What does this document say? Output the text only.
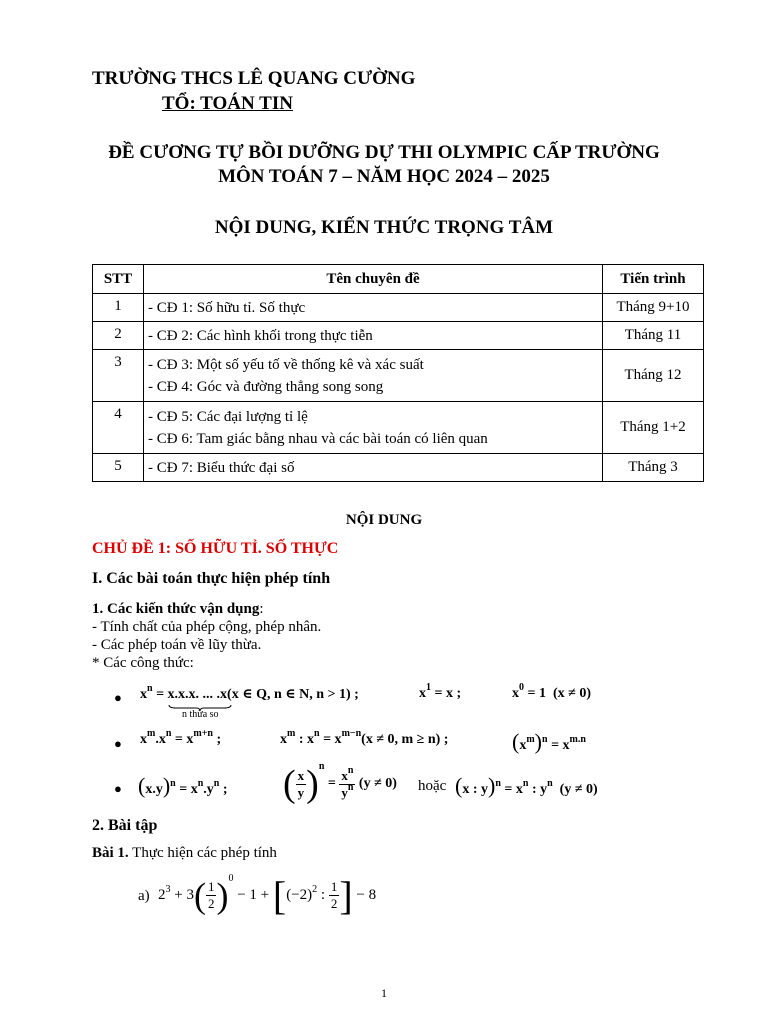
TRƯỜNG THCS LÊ QUANG CƯỜNG
TỔ: TOÁN TIN
ĐỀ CƯƠNG TỰ BỒI DƯỠNG DỰ THI OLYMPIC CẤP TRƯỜNG
MÔN TOÁN 7 – NĂM HỌC 2024 – 2025
NỘI DUNG, KIẾN THỨC TRỌNG TÂM
STT	Tên chuyên đề	Tiến trình
1	- CĐ 1: Số hữu tỉ. Số thực	Tháng 9+10
2	- CĐ 2: Các hình khối trong thực tiễn	Tháng 11
3	- CĐ 3: Một số yếu tố về thống kê và xác suất
- CĐ 4: Góc và đường thẳng song song	Tháng 12
4	- CĐ 5: Các đại lượng tỉ lệ
- CĐ 6: Tam giác bằng nhau và các bài toán có liên quan	Tháng 1+2
5	- CĐ 7: Biểu thức đại số	Tháng 3
NỘI DUNG
CHỦ ĐỀ 1: SỐ HỮU TỈ. SỐ THỰC
I. Các bài toán thực hiện phép tính
1. Các kiến thức vận dụng:
- Tính chất của phép cộng, phép nhân.
- Các phép toán về lũy thừa.
* Các công thức:
● $x^n = x.x.x$. ... .x
(x ∈ Q, n ∈ N, n > 1) ;
n thừa so
$x^1 = x$ ;	$x^0 = 1$  (x ≠ 0)
● $x^m.x^n = x^{m+n}$ ;	$x^m$ : $x^n = x^{m-n}(x \ne 0$, m ≥ n) ;	$(x^m)^n = x^{m.n}$
● $(x.y)^n = x^n.y^n$ ; ( $\frac{x}{y} )^n = \frac{x^n}{y^n} (y \ne 0)$ hoặc (x : $y)^n = x^n$ : $y^n$  (y ≠ 0)
2. Bài tập
Bài 1. Thực hiện các phép tính
a) $2^3 + 3( \frac{1}{2} )^0 - 1 + [(-2)^2$ : $\frac{1}{2}$ ] − 8
1
